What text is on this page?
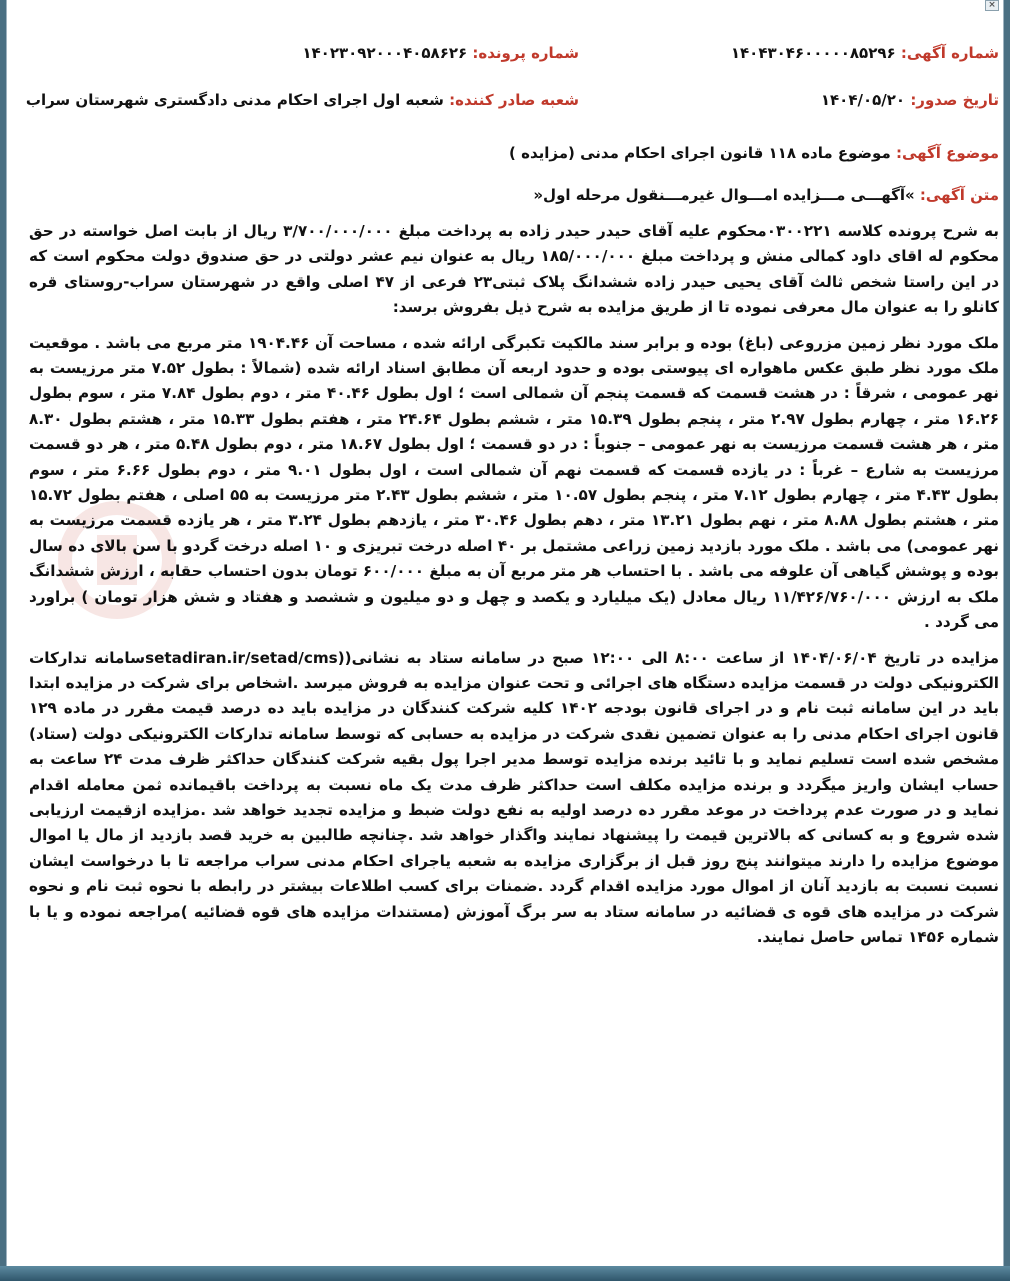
×
شماره آگهی: ۱۴۰۴۳۰۴۶۰۰۰۰۰۸۵۲۹۶
شماره پرونده: ۱۴۰۲۳۰۹۲۰۰۰۴۰۵۸۶۲۶
تاریخ صدور: ۱۴۰۴/۰۵/۲۰
شعبه صادر کننده: شعبه اول اجرای احکام مدنی دادگستری شهرستان سراب
موضوع آگهی: موضوع ماده ۱۱۸ قانون اجرای احکام مدنی (مزایده )
متن آگهی: »آگهـــی مـــزایده امـــوال غیرمـــنقول مرحله اول«

به شرح پرونده کلاسه ۰۳۰۰۲۲۱محکوم علیه آقای حیدر حیدر زاده به پرداخت مبلغ ۳/۷۰۰/۰۰۰/۰۰۰ ریال از بابت اصل خواسته در حق محکوم له اقای داود کمالی منش و پرداخت مبلغ ۱۸۵/۰۰۰/۰۰۰ ریال به عنوان نیم عشر دولتی در حق صندوق دولت محکوم است که در این راستا شخص ثالث آقای یحیی حیدر زاده ششدانگ پلاک ثبتی۲۳ فرعی از ۴۷ اصلی واقع در شهرستان سراب-روستای قره کانلو را به عنوان مال معرفی نموده تا از طریق مزایده به شرح ذیل بفروش برسد:

ملک مورد نظر زمین مزروعی (باغ) بوده و برابر سند مالکیت تکبرگی ارائه شده ، مساحت آن ۱۹۰۴.۴۶ متر مربع می باشد . موقعیت ملک مورد نظر طبق عکس ماهواره ای پیوستی بوده و حدود اربعه آن مطابق اسناد ارائه شده (شمالاً : بطول ۷.۵۲ متر مرزیست به نهر عمومی ، شرقاً : در هشت قسمت که قسمت پنجم آن شمالی است ؛ اول بطول ۴۰.۴۶ متر ، دوم بطول ۷.۸۴ متر ، سوم بطول ۱۶.۲۶ متر ، چهارم بطول ۲.۹۷ متر ، پنجم بطول ۱۵.۳۹ متر ، ششم بطول ۲۴.۶۴ متر ، هفتم بطول ۱۵.۳۳ متر ، هشتم بطول ۸.۳۰ متر ، هر هشت قسمت مرزیست به نهر عمومی – جنوباً : در دو قسمت ؛ اول بطول ۱۸.۶۷ متر ، دوم بطول ۵.۴۸ متر ، هر دو قسمت مرزیست به شارع – غرباً : در یازده قسمت که قسمت نهم آن شمالی است ، اول بطول ۹.۰۱ متر ، دوم بطول ۶.۶۶ متر ، سوم بطول ۴.۴۳ متر ، چهارم بطول ۷.۱۲ متر ، پنجم بطول ۱۰.۵۷ متر ، ششم بطول ۲.۴۳ متر مرزیست به ۵۵ اصلی ، هفتم بطول ۱۵.۷۲ متر ، هشتم بطول ۸.۸۸ متر ، نهم بطول ۱۳.۲۱ متر ، دهم بطول ۳۰.۴۶ متر ، یازدهم بطول ۳.۲۴ متر ، هر یازده قسمت مرزیست به نهر عمومی) می باشد . ملک مورد بازدید زمین زراعی مشتمل بر ۴۰ اصله درخت تبریزی و ۱۰ اصله درخت گردو با سن بالای ده سال بوده و پوشش گیاهی آن علوفه می باشد . با احتساب هر متر مربع آن به مبلغ ۶۰۰/۰۰۰ تومان بدون احتساب حقابه ، ارزش ششدانگ ملک به ارزش ۱۱/۴۲۶/۷۶۰/۰۰۰ ریال معادل (یک میلیارد و یکصد و چهل و دو میلیون و ششصد و هفتاد و شش هزار تومان ) براورد می گردد .

مزایده در تاریخ ۱۴۰۴/۰۶/۰۴ از ساعت ۸:۰۰ الی ۱۲:۰۰ صبح در سامانه ستاد به نشانی((setadiran.ir/setad/cmsسامانه تدارکات الکترونیکی دولت در قسمت مزایده دستگاه های اجرائی و تحت عنوان مزایده به فروش میرسد .اشخاص برای شرکت در مزایده ابتدا باید در این سامانه ثبت نام و در اجرای قانون بودجه ۱۴۰۲ کلیه شرکت کنندگان در مزایده باید ده درصد قیمت مقرر در ماده ۱۲۹ قانون اجرای احکام مدنی را به عنوان تضمین نقدی شرکت در مزایده به حسابی که توسط سامانه تدارکات الکترونیکی دولت (ستاد) مشخص شده است تسلیم نماید و با تائید برنده مزایده توسط مدیر اجرا پول بقیه شرکت کنندگان حداکثر ظرف مدت ۲۴ ساعت به حساب ایشان واریز میگردد و برنده مزایده مکلف است حداکثر ظرف مدت یک ماه نسبت به پرداخت باقیمانده ثمن معامله اقدام نماید و در صورت عدم پرداخت در موعد مقرر ده درصد اولیه به نفع دولت ضبط و مزایده تجدید خواهد شد .مزایده ازقیمت ارزیابی شده شروع و به کسانی که بالاترین قیمت را پیشنهاد نمایند واگذار خواهد شد .چنانچه طالبین به خرید قصد بازدید از مال یا اموال موضوع مزایده را دارند میتوانند پنج روز قبل از برگزاری مزایده به شعبه یاجرای احکام مدنی سراب مراجعه تا با درخواست ایشان نسبت نسبت به بازدید آنان از اموال مورد مزایده اقدام گردد .ضمنات برای کسب اطلاعات بیشتر در رابطه با نحوه ثبت نام و نحوه شرکت در مزایده های قوه ی قضائیه در سامانه ستاد به سر برگ آموزش (مستندات مزایده های قوه قضائیه )مراجعه نموده و یا با شماره ۱۴۵۶ تماس حاصل نمایند.
